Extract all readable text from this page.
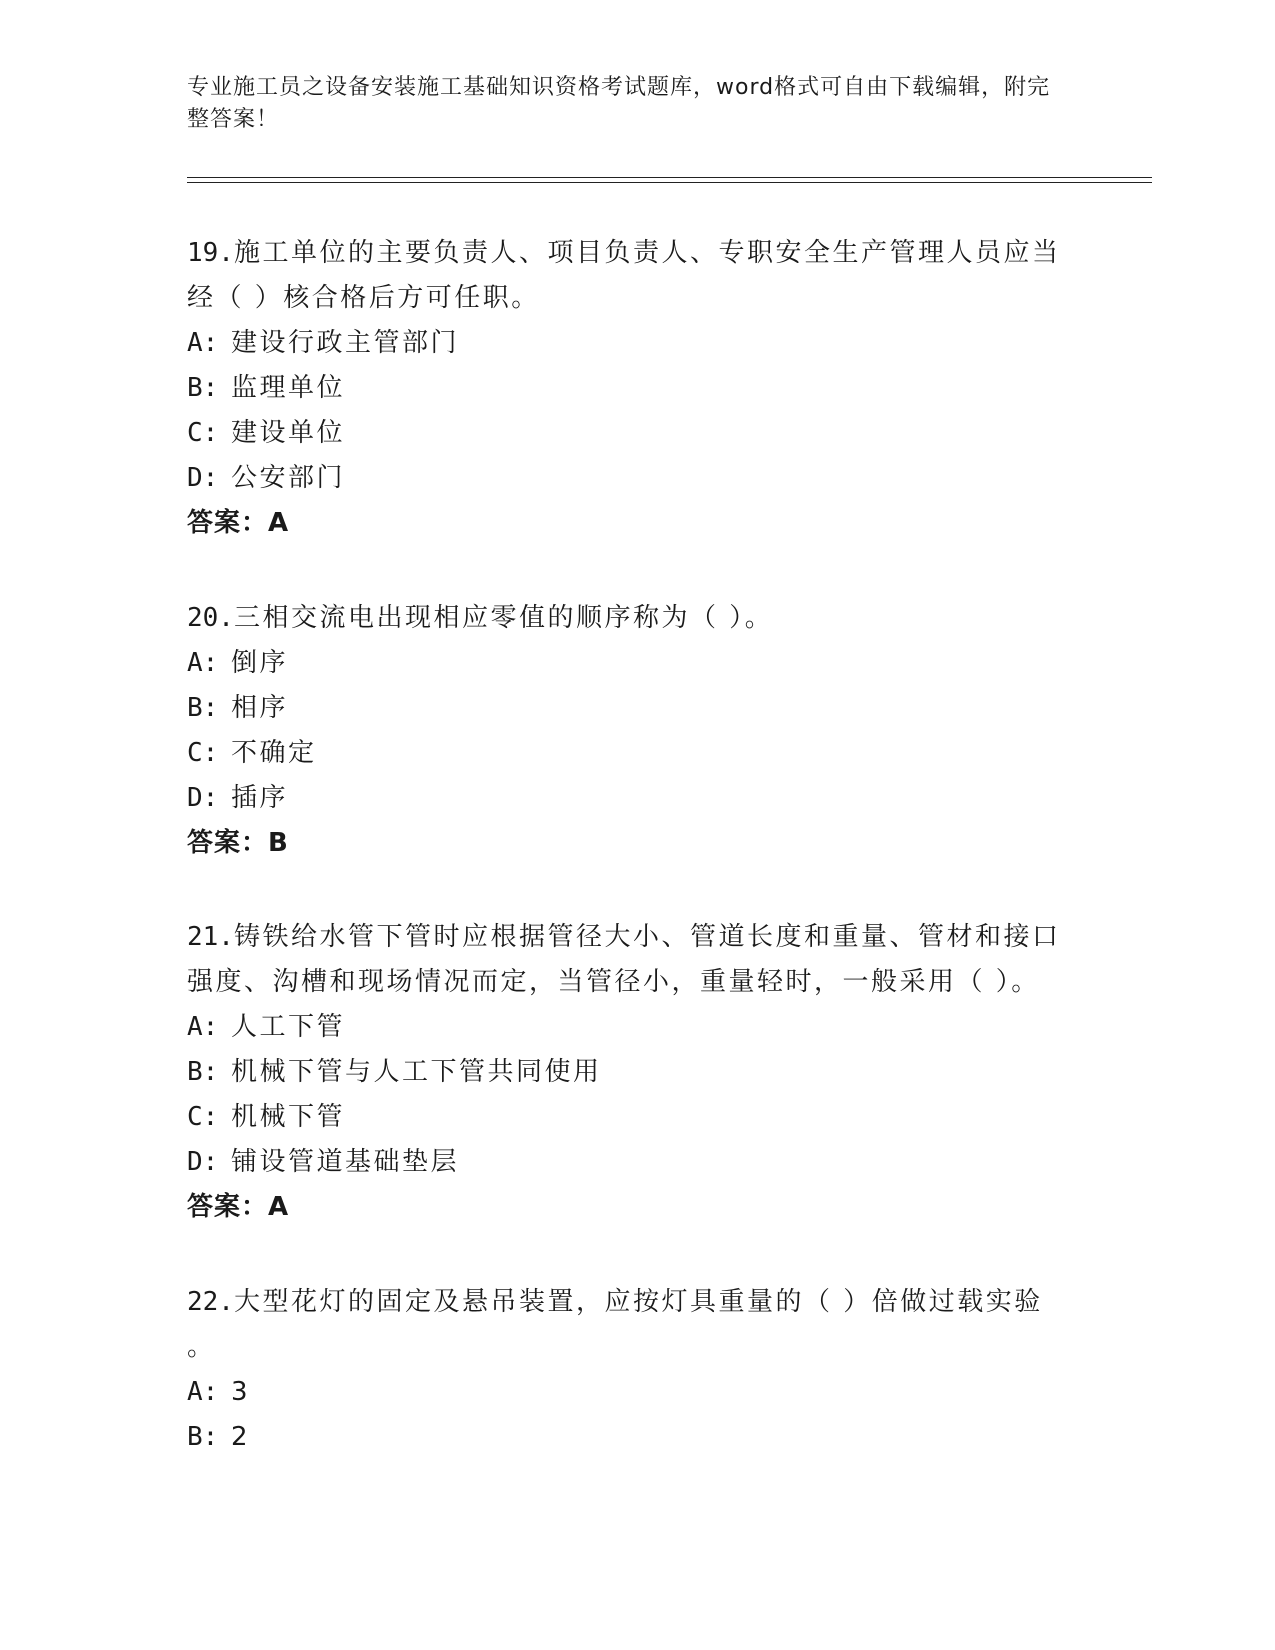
专业施工员之设备安装施工基础知识资格考试题库，word格式可自由下载编辑，附完整答案！

19.施工单位的主要负责人、项目负责人、专职安全生产管理人员应当经（ ）核合格后方可任职。

A: 建设行政主管部门

B: 监理单位

C: 建设单位

D: 公安部门

答案：A

20.三相交流电出现相应零值的顺序称为（ ）。

A: 倒序

B: 相序

C: 不确定

D: 插序

答案：B

21.铸铁给水管下管时应根据管径大小、管道长度和重量、管材和接口强度、沟槽和现场情况而定，当管径小，重量轻时，一般采用（ ）。

A: 人工下管

B: 机械下管与人工下管共同使用

C: 机械下管

D: 铺设管道基础垫层

答案：A

22.大型花灯的固定及悬吊装置，应按灯具重量的（ ）倍做过载实验

。

A: 3

B: 2
